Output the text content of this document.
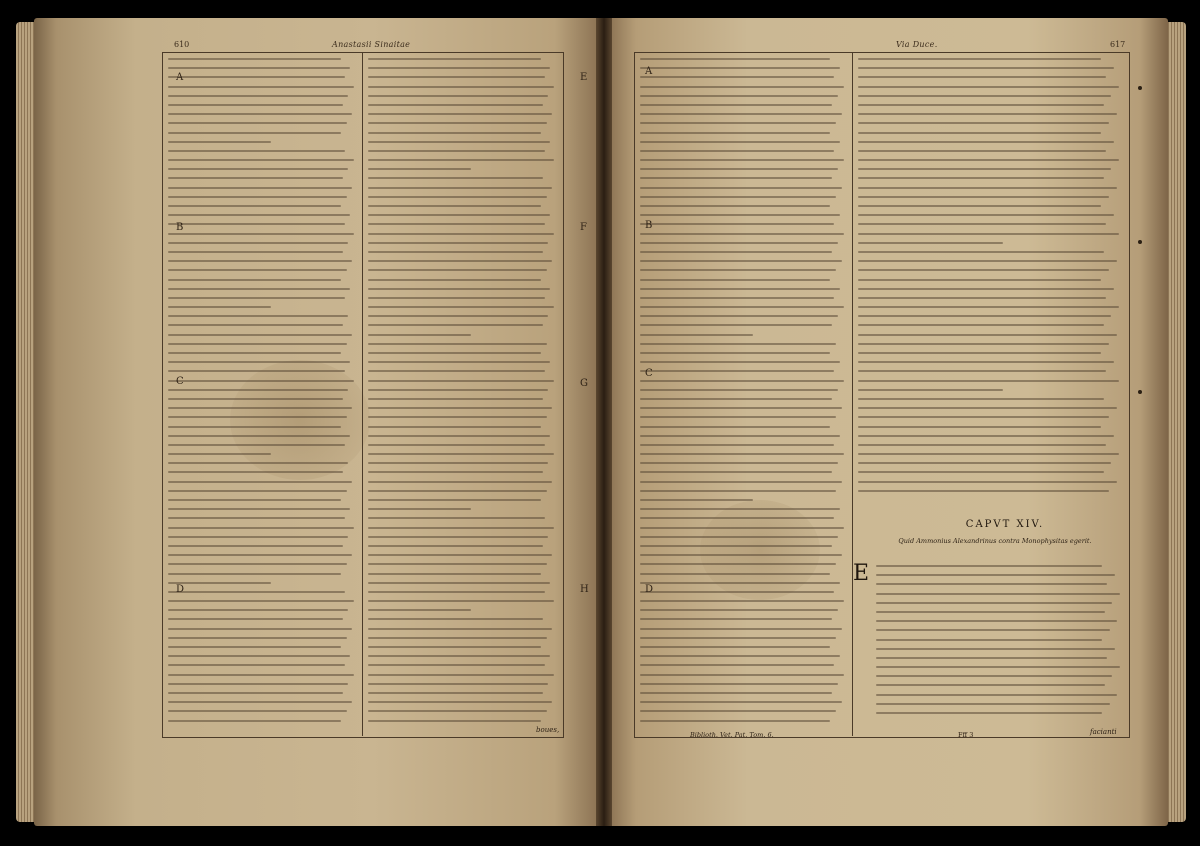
610	Anastasii Sinaitae	Via Duce.	617
A
B
C
D
E
F
G
H
A
B
C
D
CAPVT XIV.
Quid Ammonius Alexandrinus contra Monophysitas egerit.
E
boues,
Biblioth. Vet. Pat. Tom. 6.	Fff 3	facianti
